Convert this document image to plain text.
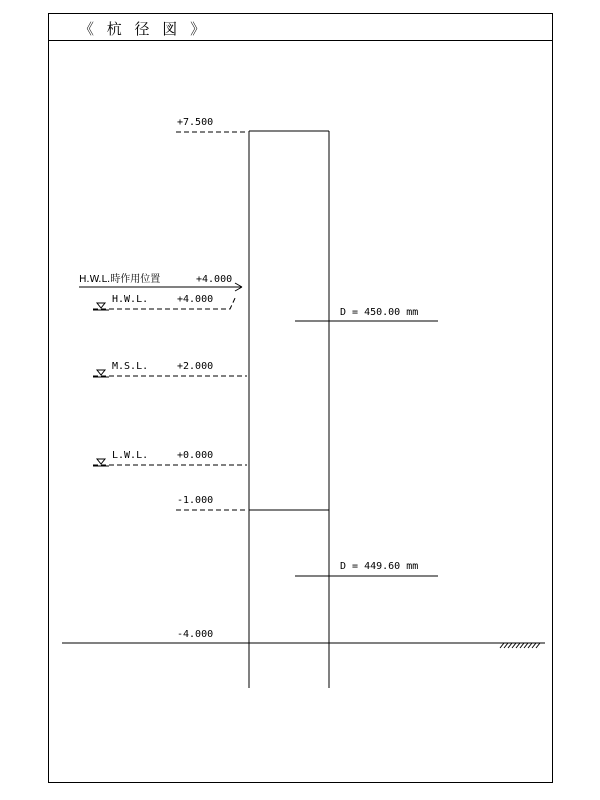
《 杭 径 図 》
+7.500
H.W.L.時作用位置	+4.000
H.W.L.	+4.000
D = 450.00 mm
M.S.L.	+2.000
L.W.L.	+0.000
-1.000
D = 449.60 mm
-4.000
